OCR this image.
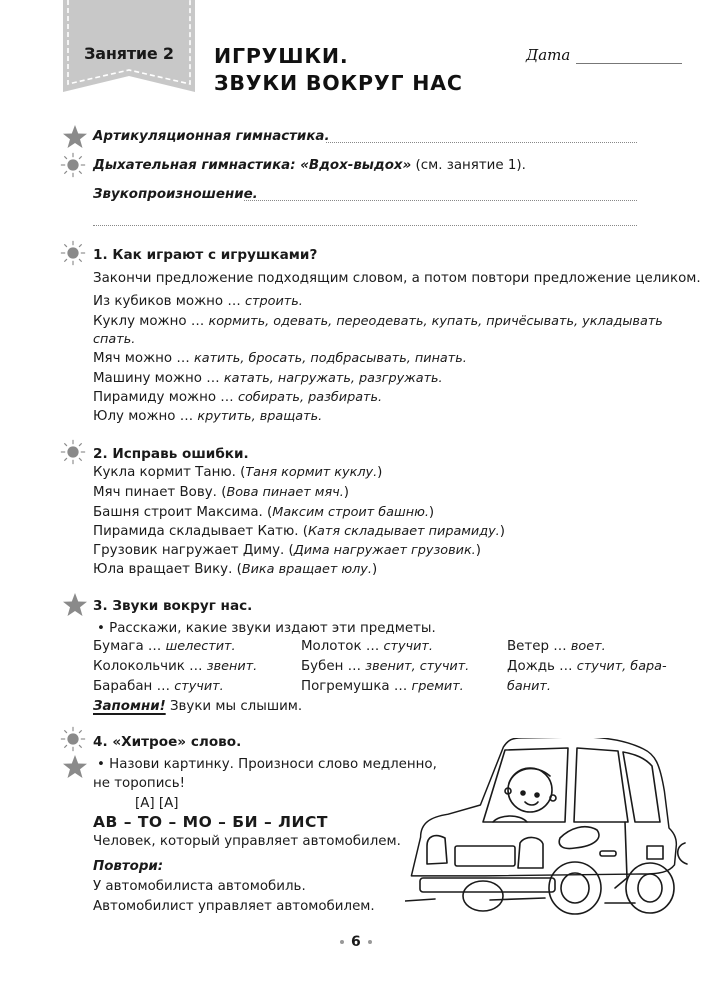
Занятие 2	ИГРУШКИ.
ЗВУКИ ВОКРУГ НАС
Дата
Артикуляционная гимнастика.
Дыхательная гимнастика: «Вдох-выдох» (см. занятие 1).
Звукопроизношение.
1. Как играют с игрушками?
Закончи предложение подходящим словом, а потом повтори предложение целиком.
Из кубиков можно … строить.
Куклу можно … кормить, одевать, переодевать, купать, причёсывать, укладывать
спать.
Мяч можно … катить, бросать, подбрасывать, пинать.
Машину можно … катать, нагружать, разгружать.
Пирамиду можно … собирать, разбирать.
Юлу можно … крутить, вращать.
2. Исправь ошибки.
Кукла кормит Таню. (Таня кормит куклу.)
Мяч пинает Вову. (Вова пинает мяч.)
Башня строит Максима. (Максим строит башню.)
Пирамида складывает Катю. (Катя складывает пирамиду.)
Грузовик нагружает Диму. (Дима нагружает грузовик.)
Юла вращает Вику. (Вика вращает юлу.)
3. Звуки вокруг нас.
• Расскажи, какие звуки издают эти предметы.
Бумага … шелестит.	Молоток … стучит.	Ветер … воет.
Колокольчик … звенит.	Бубен … звенит, стучит.	Дождь … стучит, бара-
Барабан … стучит.	Погремушка … гремит.	банит.
Запомни! Звуки мы слышим.
4. «Хитрое» слово.
• Назови картинку. Произноси слово медленно,
не торопись!
[А] [А]
АВ – ТО – МО – БИ – ЛИСТ
Человек, который управляет автомобилем.
Повтори:
У автомобилиста автомобиль.
Автомобилист управляет автомобилем.
6
